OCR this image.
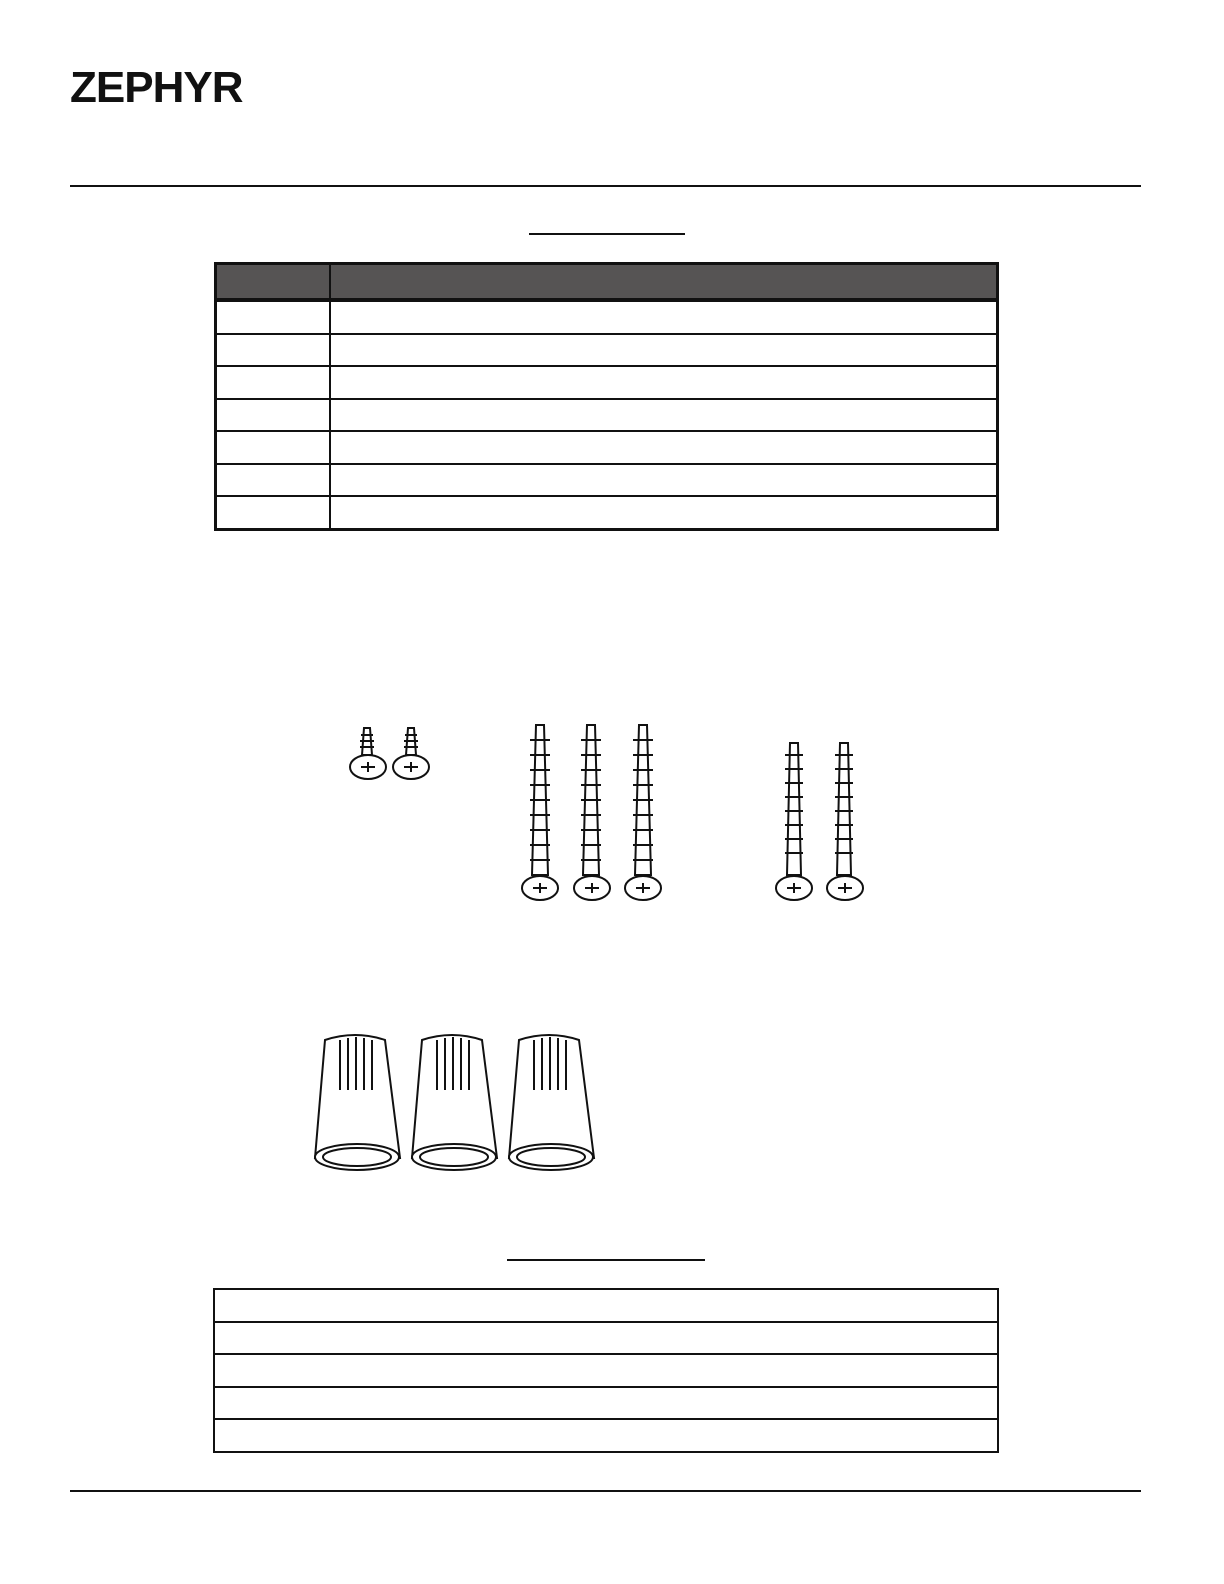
ZEPHYR
